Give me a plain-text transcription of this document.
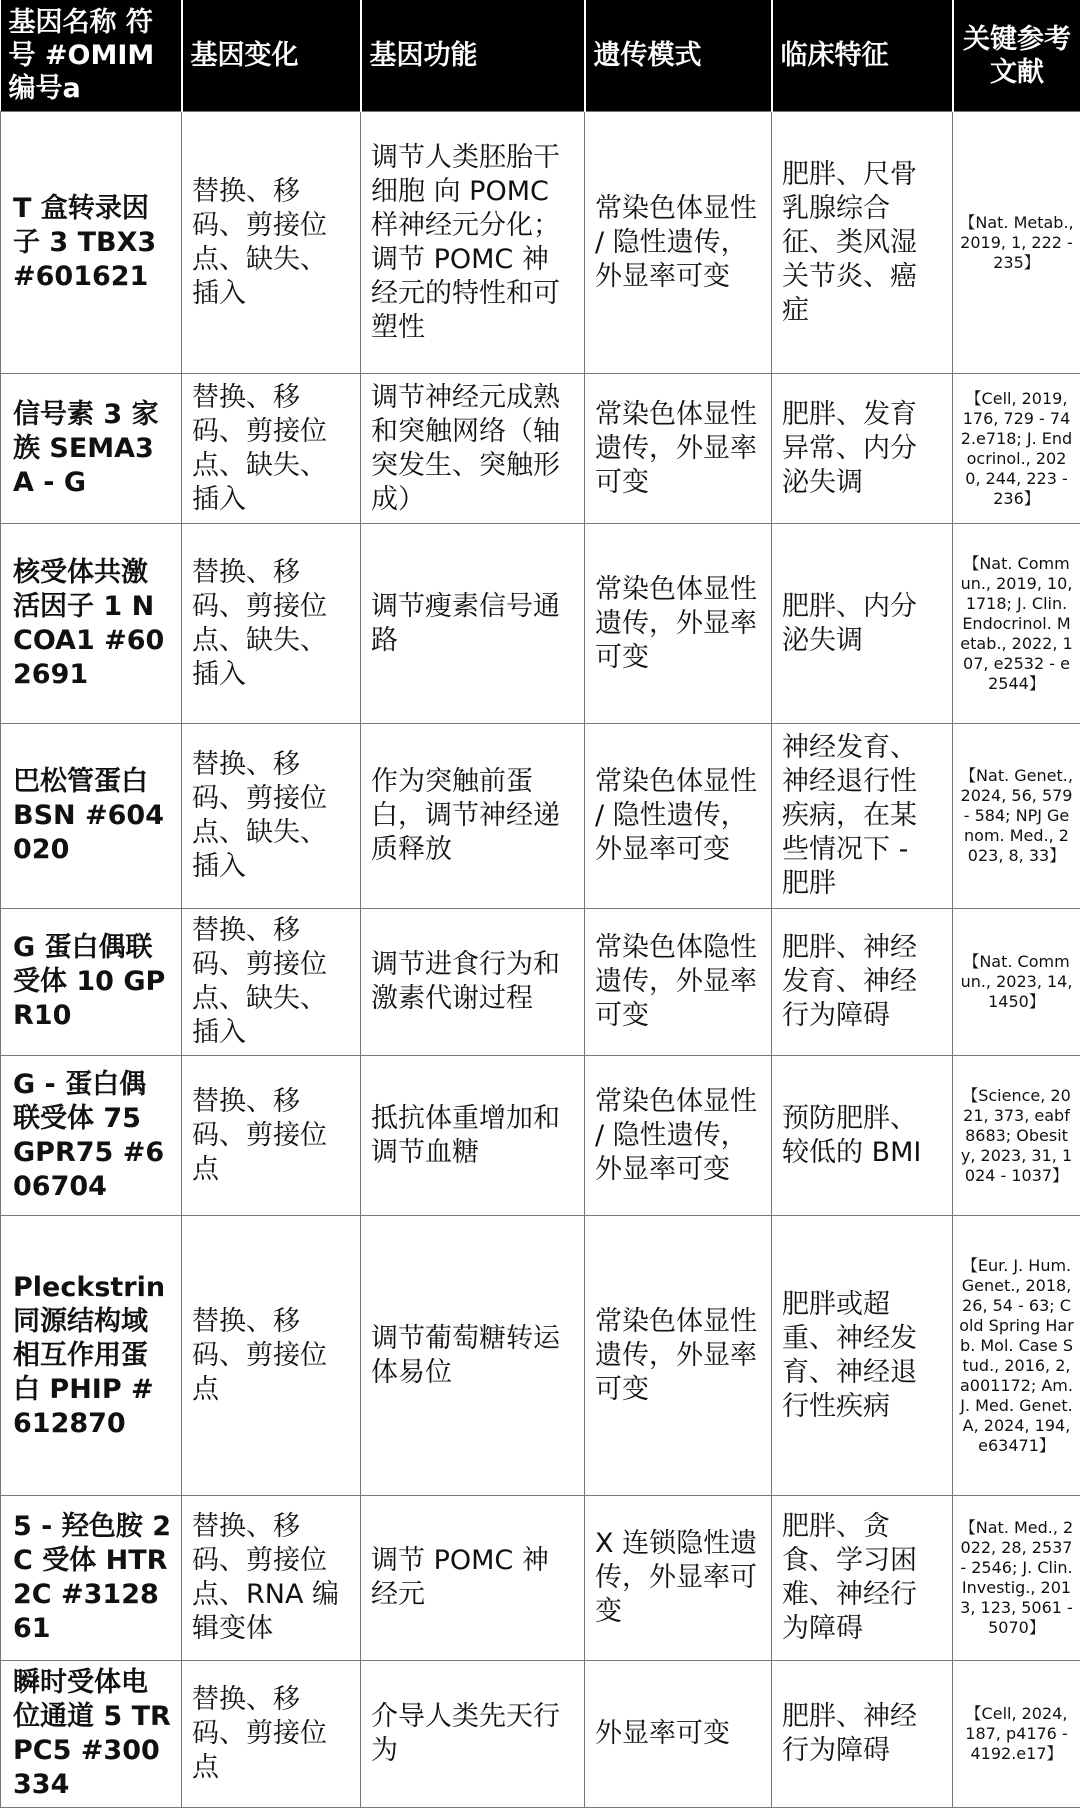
基因名称 符号 #OMIM 编号a	基因变化	基因功能	遗传模式	临床特征	关键参考文献
T 盒转录因子 3 TBX3 #601621	替换、移码、剪接位点、缺失、插入	调节人类胚胎干细胞 向 POMC 样神经元分化；调节 POMC 神经元的特性和可塑性	常染色体显性 / 隐性遗传，外显率可变	肥胖、尺骨乳腺综合征、类风湿关节炎、癌症	【Nat. Metab., 2019, 1, 222 - 235】
信号素 3 家族 SEMA3 A - G	替换、移码、剪接位点、缺失、插入	调节神经元成熟和突触网络（轴突发生、突触形成）	常染色体显性遗传，外显率可变	肥胖、发育异常、内分泌失调	【Cell, 2019, 176, 729 - 742.e718; J. Endocrinol., 2020, 244, 223 - 236】
核受体共激活因子 1 NCOA1 #602691	替换、移码、剪接位点、缺失、插入	调节瘦素信号通路	常染色体显性遗传，外显率可变	肥胖、内分泌失调	【Nat. Commun., 2019, 10, 1718; J. Clin. Endocrinol. Metab., 2022, 107, e2532 - e2544】
巴松管蛋白 BSN #604020	替换、移码、剪接位点、缺失、插入	作为突触前蛋白，调节神经递质释放	常染色体显性 / 隐性遗传，外显率可变	神经发育、神经退行性疾病，在某些情况下 - 肥胖	【Nat. Genet., 2024, 56, 579 - 584; NPJ Genom. Med., 2023, 8, 33】
G 蛋白偶联受体 10 GPR10	替换、移码、剪接位点、缺失、插入	调节进食行为和激素代谢过程	常染色体隐性遗传，外显率可变	肥胖、神经发育、神经行为障碍	【Nat. Commun., 2023, 14, 1450】
G - 蛋白偶联受体 75 GPR75 #606704	替换、移码、剪接位点	抵抗体重增加和调节血糖	常染色体显性 / 隐性遗传，外显率可变	预防肥胖、较低的 BMI	【Science, 2021, 373, eabf8683; Obesity, 2023, 31, 1024 - 1037】
Pleckstrin 同源结构域相互作用蛋白 PHIP #612870	替换、移码、剪接位点	调节葡萄糖转运体易位	常染色体显性遗传，外显率可变	肥胖或超重、神经发育、神经退行性疾病	【Eur. J. Hum. Genet., 2018, 26, 54 - 63; Cold Spring Harb. Mol. Case Stud., 2016, 2, a001172; Am. J. Med. Genet. A, 2024, 194, e63471】
5 - 羟色胺 2C 受体 HTR2C #312861	替换、移码、剪接位点、RNA 编辑变体	调节 POMC 神经元	X 连锁隐性遗传，外显率可变	肥胖、贪食、学习困难、神经行为障碍	【Nat. Med., 2022, 28, 2537 - 2546; J. Clin. Investig., 2013, 123, 5061 - 5070】
瞬时受体电位通道 5 TRPC5 #300334	替换、移码、剪接位点	介导人类先天行为	外显率可变	肥胖、神经行为障碍	【Cell, 2024, 187, p4176 - 4192.e17】
